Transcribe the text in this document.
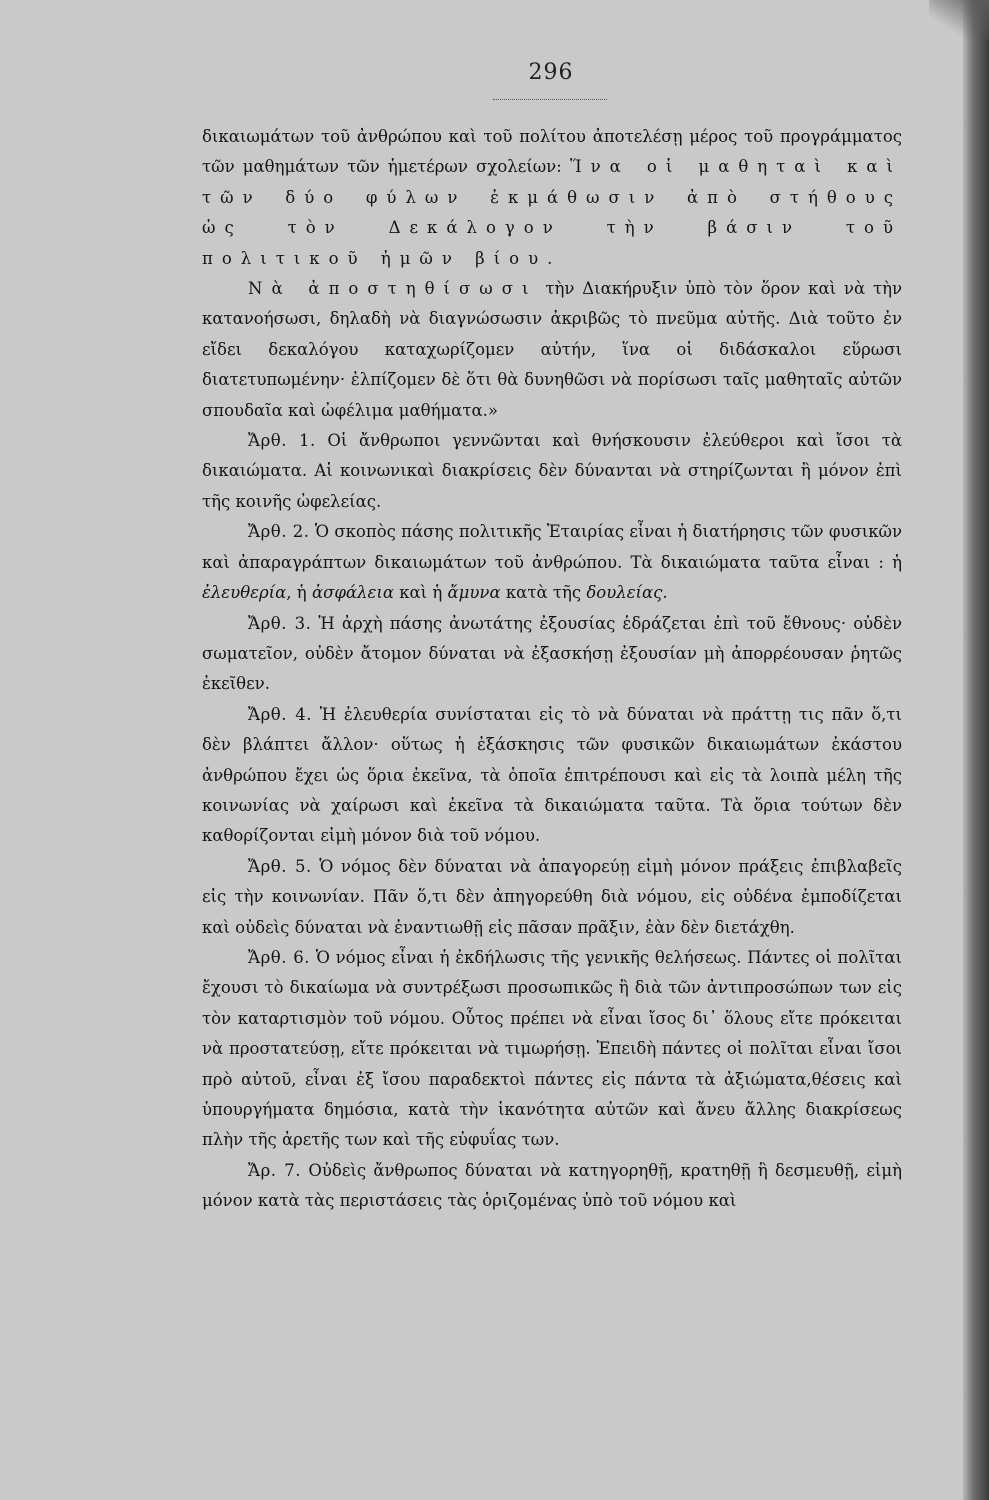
296

δικαιωμάτων τοῦ ἀνθρώπου καὶ τοῦ πολίτου ἀποτελέσῃ μέρος τοῦ προγράμματος τῶν μαθημάτων τῶν ἡμετέρων σχολείων: Ἵνα οἱ μαθηταὶ καὶ τῶν δύο φύλων ἐκμάθωσιν ἀπὸ στήθους ὡς τὸν Δεκάλογον τὴν βάσιν τοῦ πολιτικοῦ ἡμῶν βίου.

Νὰ ἀποστηθίσωσι τὴν Διακήρυξιν ὑπὸ τὸν ὅρον καὶ νὰ τὴν κατανοήσωσι, δηλαδὴ νὰ διαγνώσωσιν ἀκριβῶς τὸ πνεῦμα αὐτῆς. Διὰ τοῦτο ἐν εἴδει δεκαλόγου καταχωρίζομεν αὐτήν, ἵνα οἱ διδάσκαλοι εὕρωσι διατετυπωμένην· ἐλπίζομεν δὲ ὅτι θὰ δυνηθῶσι νὰ πορίσωσι ταῖς μαθηταῖς αὐτῶν σπουδαῖα καὶ ὠφέλιμα μαθήματα.»

Ἄρθ. 1. Οἱ ἄνθρωποι γεννῶνται καὶ θνήσκουσιν ἐλεύθεροι καὶ ἴσοι τὰ δικαιώματα. Αἱ κοινωνικαὶ διακρίσεις δὲν δύνανται νὰ στηρίζωνται ἢ μόνον ἐπὶ τῆς κοινῆς ὠφελείας.

Ἄρθ. 2. Ὁ σκοπὸς πάσης πολιτικῆς Ἑταιρίας εἶναι ἡ διατήρησις τῶν φυσικῶν καὶ ἀπαραγράπτων δικαιωμάτων τοῦ ἀνθρώπου. Τὰ δικαιώματα ταῦτα εἶναι : ἡ ἐλευθερία, ἡ ἀσφάλεια καὶ ἡ ἄμυνα κατὰ τῆς δουλείας.

Ἄρθ. 3. Ἡ ἀρχὴ πάσης ἀνωτάτης ἐξουσίας ἑδράζεται ἐπὶ τοῦ ἔθνους· οὐδὲν σωματεῖον, οὐδὲν ἄτομον δύναται νὰ ἐξασκήσῃ ἐξουσίαν μὴ ἀπορρέουσαν ῥητῶς ἐκεῖθεν.

Ἄρθ. 4. Ἡ ἐλευθερία συνίσταται εἰς τὸ νὰ δύναται νὰ πράττῃ τις πᾶν ὅ,τι δὲν βλάπτει ἄλλον· οὕτως ἡ ἐξάσκησις τῶν φυσικῶν δικαιωμάτων ἑκάστου ἀνθρώπου ἔχει ὡς ὅρια ἐκεῖνα, τὰ ὁποῖα ἐπιτρέπουσι καὶ εἰς τὰ λοιπὰ μέλη τῆς κοινωνίας νὰ χαίρωσι καὶ ἐκεῖνα τὰ δικαιώματα ταῦτα. Τὰ ὅρια τούτων δὲν καθορίζονται εἰμὴ μόνον διὰ τοῦ νόμου.

Ἄρθ. 5. Ὁ νόμος δὲν δύναται νὰ ἀπαγορεύῃ εἰμὴ μόνον πράξεις ἐπιβλαβεῖς εἰς τὴν κοινωνίαν. Πᾶν ὅ,τι δὲν ἀπηγορεύθη διὰ νόμου, εἰς οὐδένα ἐμποδίζεται καὶ οὐδεὶς δύναται νὰ ἐναντιωθῇ εἰς πᾶσαν πρᾶξιν, ἐὰν δὲν διετάχθη.

Ἄρθ. 6. Ὁ νόμος εἶναι ἡ ἐκδήλωσις τῆς γενικῆς θελήσεως. Πάντες οἱ πολῖται ἔχουσι τὸ δικαίωμα νὰ συντρέξωσι προσωπικῶς ἢ διὰ τῶν ἀντιπροσώπων των εἰς τὸν καταρτισμὸν τοῦ νόμου. Οὗτος πρέπει νὰ εἶναι ἴσος δι᾽ ὅλους εἴτε πρόκειται νὰ προστατεύσῃ, εἴτε πρόκειται νὰ τιμωρήσῃ. Ἐπειδὴ πάντες οἱ πολῖται εἶναι ἴσοι πρὸ αὐτοῦ, εἶναι ἐξ ἴσου παραδεκτοὶ πάντες εἰς πάντα τὰ ἀξιώματα,θέσεις καὶ ὑπουργήματα δημόσια, κατὰ τὴν ἱκανότητα αὐτῶν καὶ ἄνευ ἄλλης διακρίσεως πλὴν τῆς ἀρετῆς των καὶ τῆς εὐφυΐας των.

Ἄρ. 7. Οὐδεὶς ἄνθρωπος δύναται νὰ κατηγορηθῇ, κρατηθῇ ἢ δεσμευθῇ, εἰμὴ μόνον κατὰ τὰς περιστάσεις τὰς ὁριζομένας ὑπὸ τοῦ νόμου καὶ
